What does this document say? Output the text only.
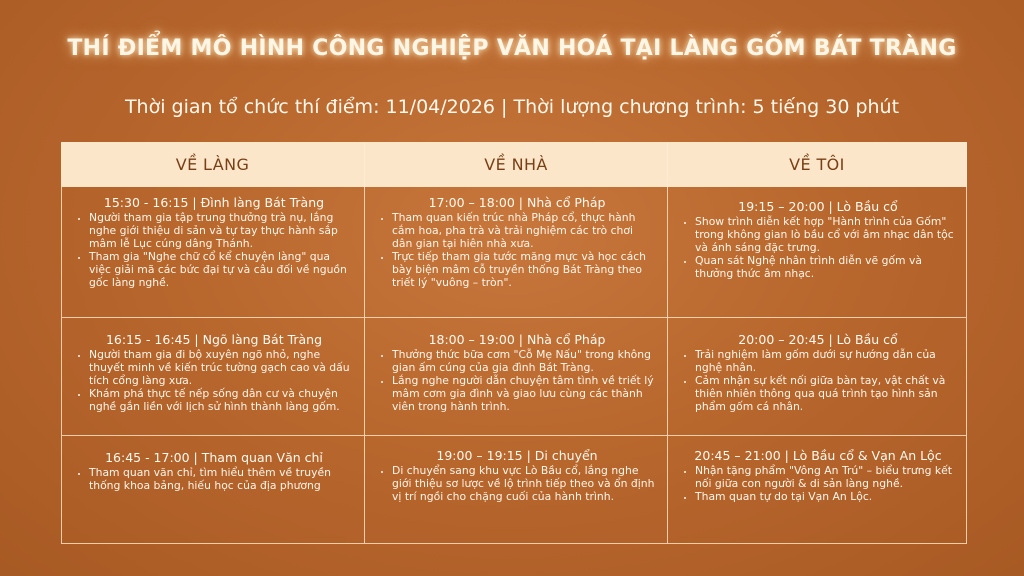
THÍ ĐIỂM MÔ HÌNH CÔNG NGHIỆP VĂN HOÁ TẠI LÀNG GỐM BÁT TRÀNG
Thời gian tổ chức thí điểm: 11/04/2026 | Thời lượng chương trình: 5 tiếng 30 phút
VỀ LÀNG	VỀ NHÀ	VỀ TÔI
15:30 - 16:15 | Đình làng Bát Tràng
• Người tham gia tập trung thưởng trà nụ, lắng nghe giới thiệu di sản và tự tay thực hành sắp mâm lễ Lục cúng dâng Thánh.
• Tham gia "Nghe chữ cổ kể chuyện làng" qua việc giải mã các bức đại tự và câu đối về nguồn gốc làng nghề.
17:00 – 18:00 | Nhà cổ Pháp
• Tham quan kiến trúc nhà Pháp cổ, thực hành cắm hoa, pha trà và trải nghiệm các trò chơi dân gian tại hiên nhà xưa.
• Trực tiếp tham gia tước măng mực và học cách bày biện mâm cỗ truyền thống Bát Tràng theo triết lý "vuông – tròn".
19:15 – 20:00 | Lò Bầu cổ
• Show trình diễn kết hợp "Hành trình của Gốm" trong không gian lò bầu cổ với âm nhạc dân tộc và ánh sáng đặc trưng.
• Quan sát Nghệ nhân trình diễn vẽ gốm và thưởng thức âm nhạc.
16:15 - 16:45 | Ngõ làng Bát Tràng
• Người tham gia đi bộ xuyên ngõ nhỏ, nghe thuyết minh về kiến trúc tường gạch cao và dấu tích cổng làng xưa.
• Khám phá thực tế nếp sống dân cư và chuyện nghề gắn liền với lịch sử hình thành làng gốm.
18:00 – 19:00 | Nhà cổ Pháp
• Thưởng thức bữa cơm "Cỗ Mẹ Nấu" trong không gian ấm cúng của gia đình Bát Tràng.
• Lắng nghe người dẫn chuyện tâm tình về triết lý mâm cơm gia đình và giao lưu cùng các thành viên trong hành trình.
20:00 – 20:45 | Lò Bầu cổ
• Trải nghiệm làm gốm dưới sự hướng dẫn của nghệ nhân.
• Cảm nhận sự kết nối giữa bàn tay, vật chất và thiên nhiên thông qua quá trình tạo hình sản phẩm gốm cá nhân.
16:45 - 17:00 | Tham quan Văn chỉ
• Tham quan văn chỉ, tìm hiểu thêm về truyền thống khoa bảng, hiếu học của địa phương
19:00 – 19:15 | Di chuyển
• Di chuyển sang khu vực Lò Bầu cổ, lắng nghe giới thiệu sơ lược về lộ trình tiếp theo và ổn định vị trí ngồi cho chặng cuối của hành trình.
20:45 – 21:00 | Lò Bầu cổ & Vạn An Lộc
• Nhận tặng phẩm "Vông An Trú" – biểu trưng kết nối giữa con người & di sản làng nghề.
• Tham quan tự do tại Vạn An Lộc.
